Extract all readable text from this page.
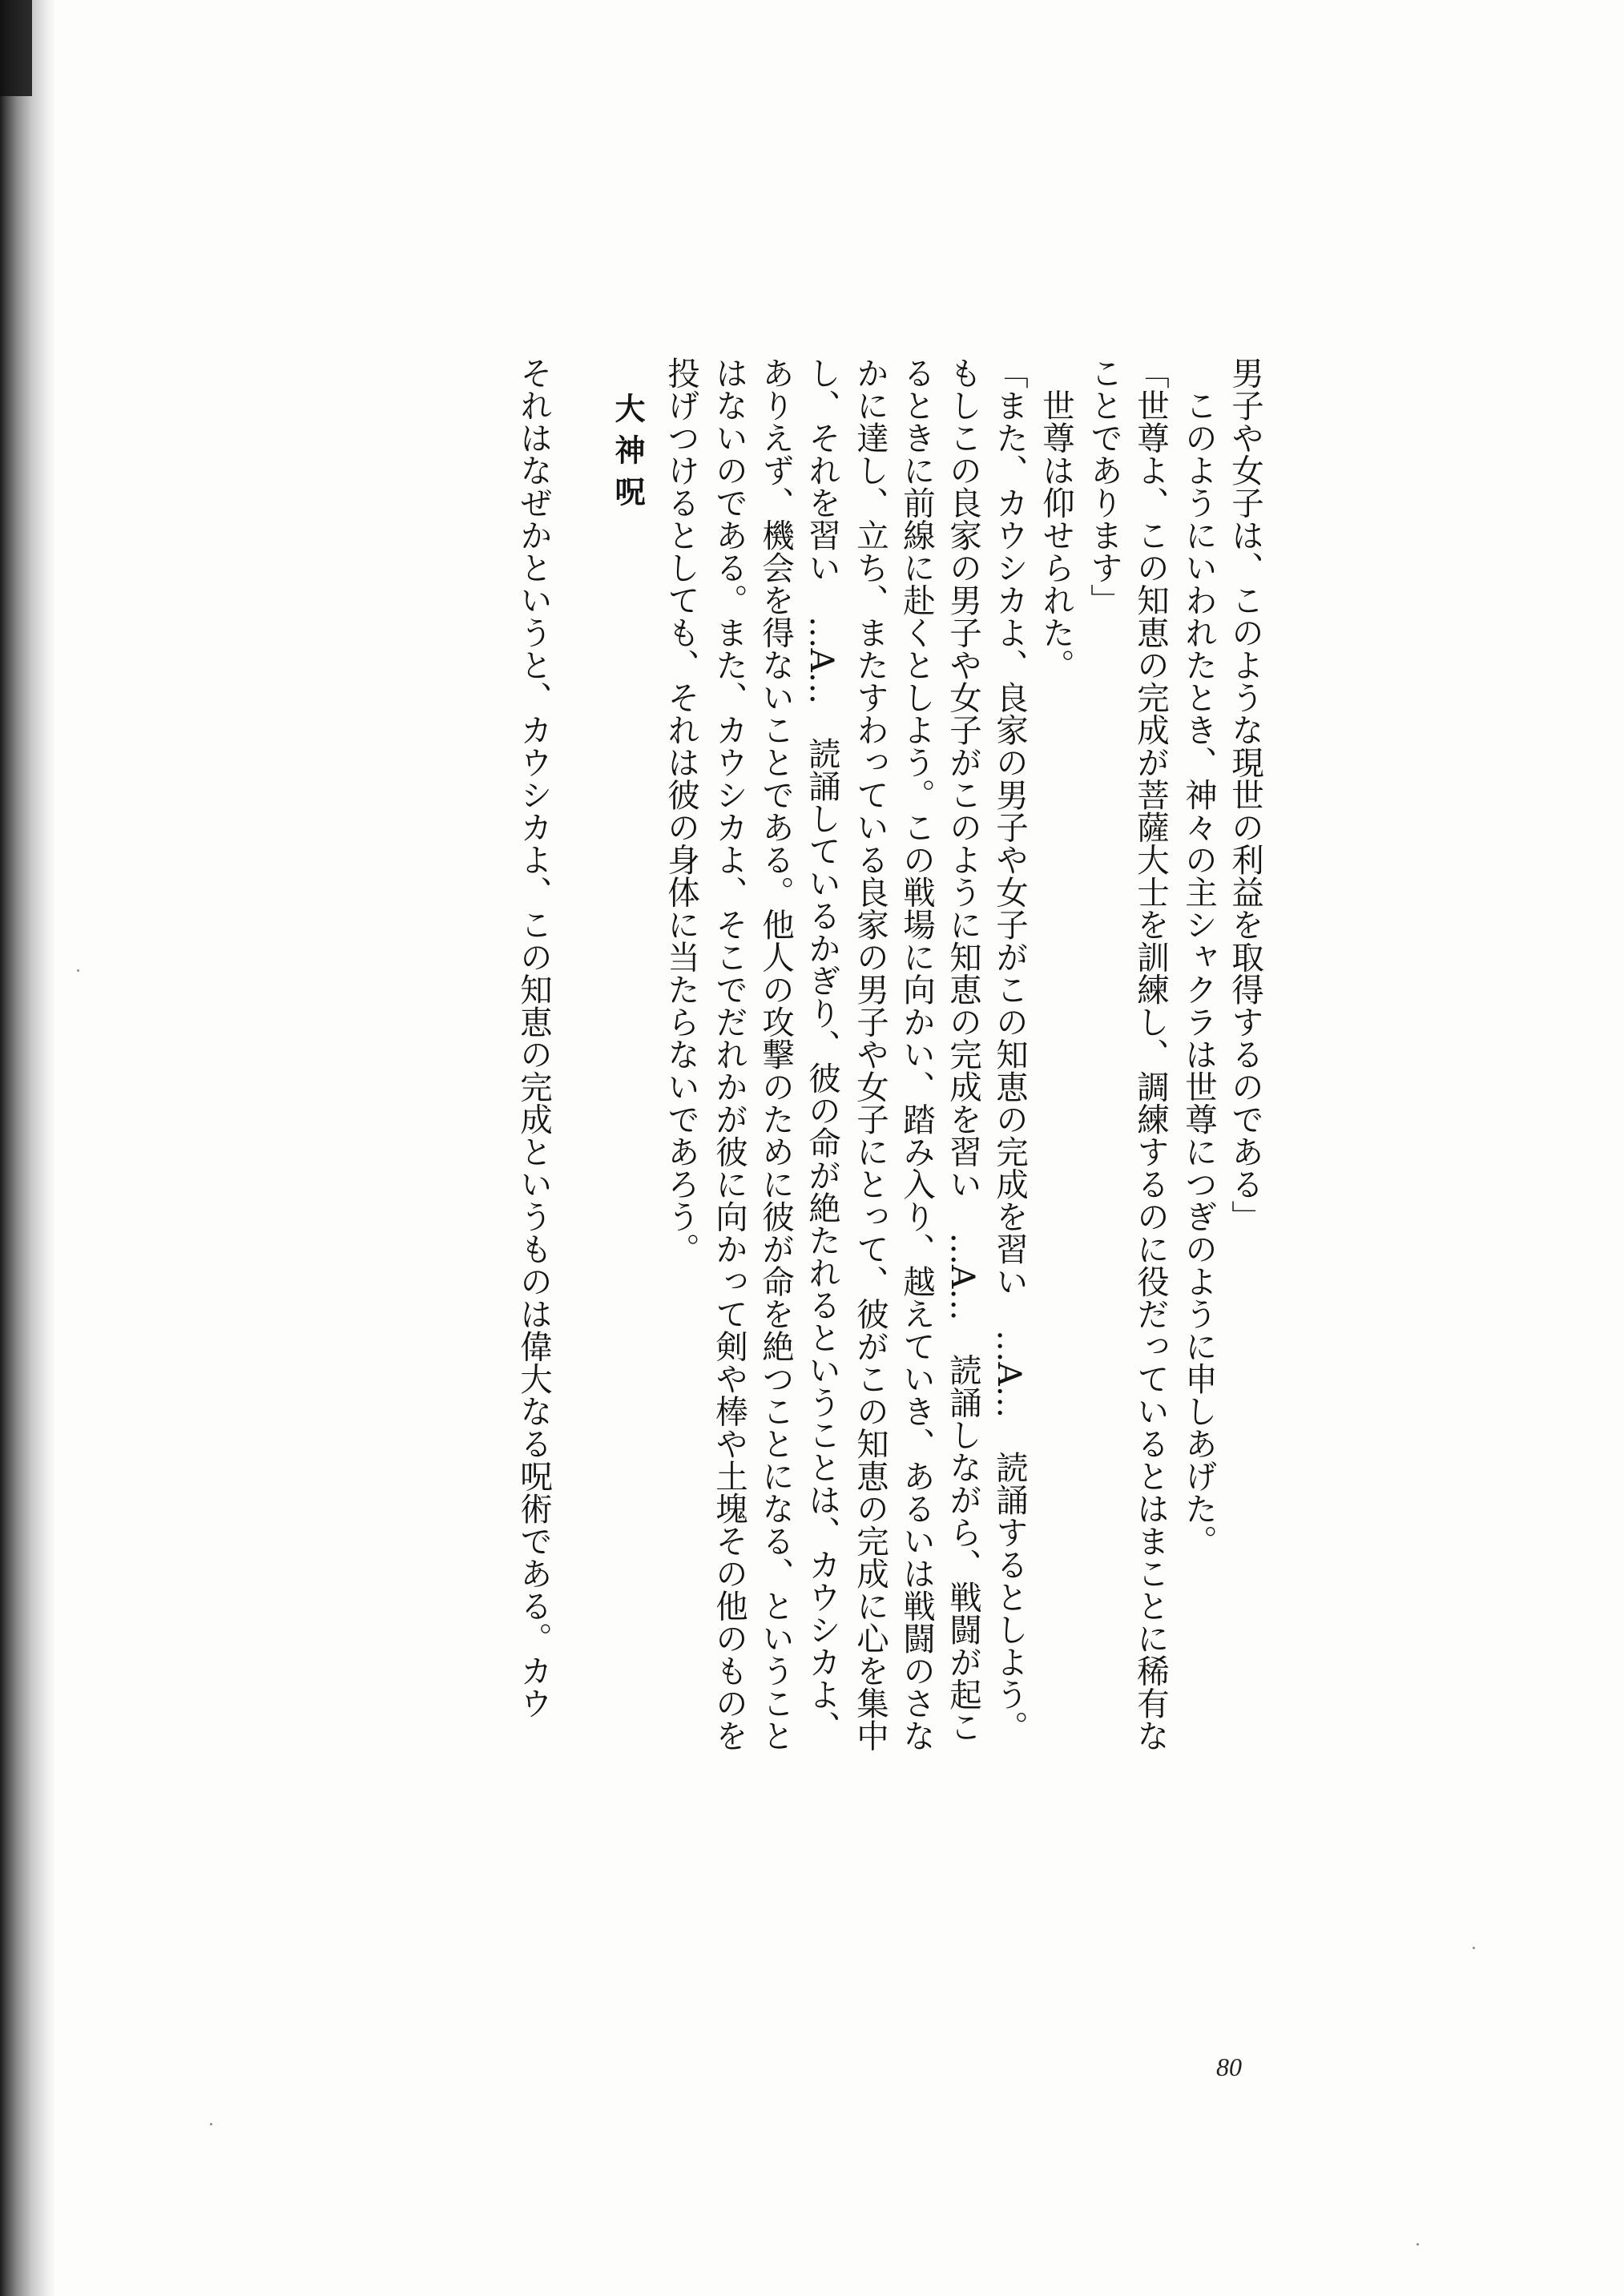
男子や女子は、このような現世の利益を取得するのである」

　このようにいわれたとき、神々の主シャクラは世尊につぎのように申しあげた。

「世尊よ、この知恵の完成が菩薩大士を訓練し、調練するのに役だっているとはまことに稀有な

ことであります」

　世尊は仰せられた。

「また、カウシカよ、良家の男子や女子がこの知恵の完成を習い　…A…　読誦するとしよう。

もしこの良家の男子や女子がこのように知恵の完成を習い　…A…　読誦しながら、戦闘が起こ

るときに前線に赴くとしよう。この戦場に向かい、踏み入り、越えていき、あるいは戦闘のさな

かに達し、立ち、またすわっている良家の男子や女子にとって、彼がこの知恵の完成に心を集中

し、それを習い　…A…　読誦しているかぎり、彼の命が絶たれるということは、カウシカよ、

ありえず、機会を得ないことである。他人の攻撃のために彼が命を絶つことになる、ということ

はないのである。また、カウシカよ、そこでだれかが彼に向かって剣や棒や土塊その他のものを

投げつけるとしても、それは彼の身体に当たらないであろう。

大神呪

それはなぜかというと、カウシカよ、この知恵の完成というものは偉大なる呪術である。カウ

80
